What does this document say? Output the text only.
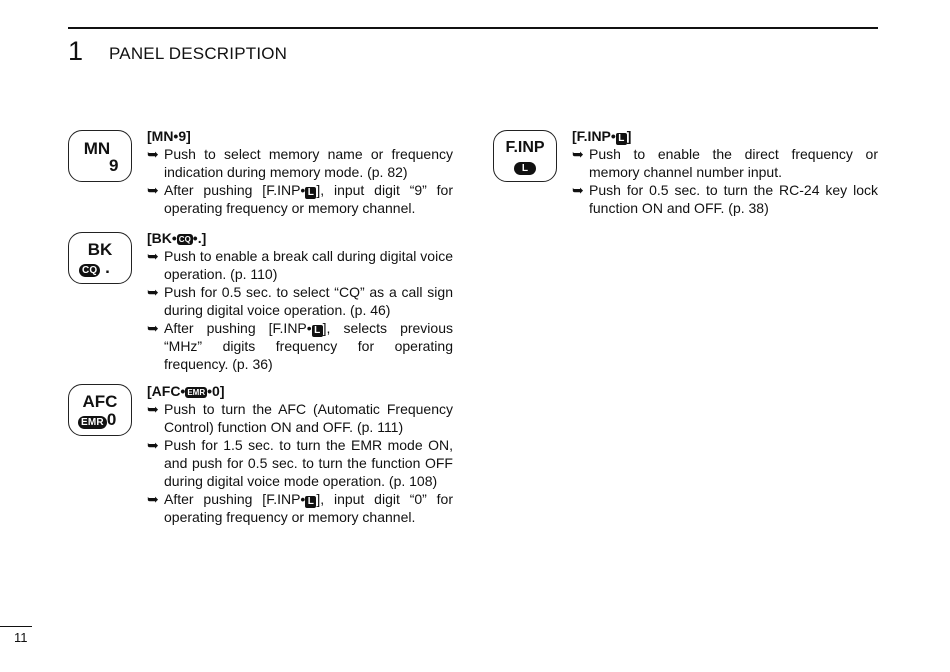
1 PANEL DESCRIPTION
MN
9
BK
CQ .
AFC
EMR 0
F.INP
L
[MN•9]
➥ Push to select memory name or frequency indication during memory mode. (p. 82)
➥ After pushing [F.INP• L ], input digit “9” for operating frequency or memory channel.
[BK• CQ •.]
➥ Push to enable a break call during digital voice operation. (p. 110)
➥ Push for 0.5 sec. to select “CQ” as a call sign during digital voice operation. (p. 46)
➥ After pushing [F.INP• L ], selects previous “MHz” digits frequency for operating frequency. (p. 36)
[AFC• EMR •0]
➥ Push to turn the AFC (Automatic Frequency Control) function ON and OFF. (p. 111)
➥ Push for 1.5 sec. to turn the EMR mode ON, and push for 0.5 sec. to turn the function OFF during digital voice mode operation. (p. 108)
➥ After pushing [F.INP• L ], input digit “0” for operating frequency or memory channel.
[F.INP• L ]
➥ Push to enable the direct frequency or memory channel number input.
➥ Push for 0.5 sec. to turn the RC-24 key lock function ON and OFF. (p. 38)
11
